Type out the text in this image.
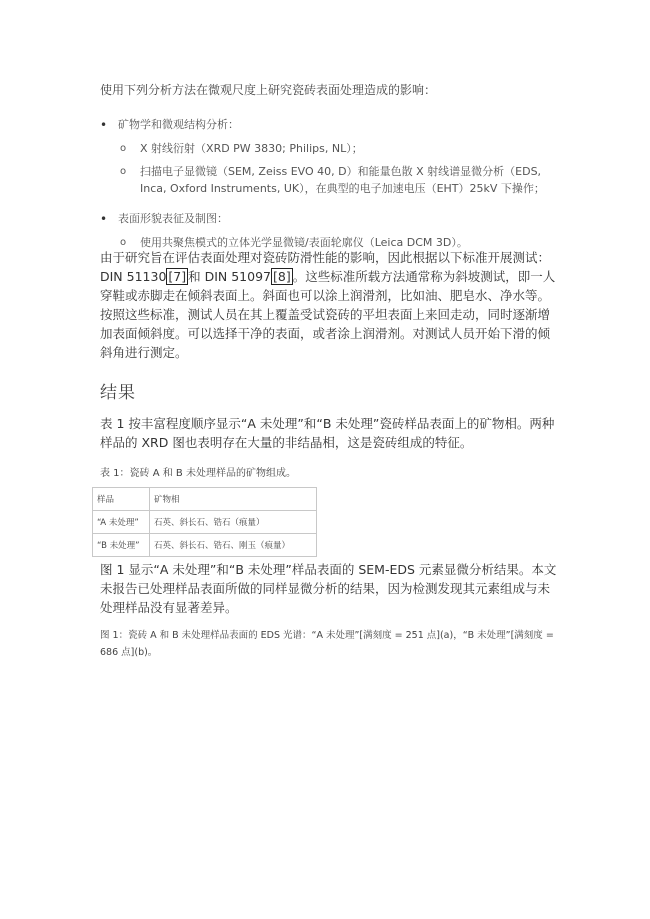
使用下列分析方法在微观尺度上研究瓷砖表面处理造成的影响：
• 矿物学和微观结构分析：
o X 射线衍射（XRD PW 3830; Philips, NL）；
o 扫描电子显微镜（SEM, Zeiss EVO 40, D）和能量色散 X 射线谱显微分析（EDS, Inca, Oxford Instruments, UK），在典型的电子加速电压（EHT）25kV 下操作；
• 表面形貌表征及制图：
o 使用共聚焦模式的立体光学显微镜/表面轮廓仪（Leica DCM 3D）。
由于研究旨在评估表面处理对瓷砖防滑性能的影响，因此根据以下标准开展测试：DIN 51130 [7] 和 DIN 51097 [8] 。这些标准所载方法通常称为斜坡测试，即一人穿鞋或赤脚走在倾斜表面上。斜面也可以涂上润滑剂，比如油、肥皂水、净水等。按照这些标准，测试人员在其上覆盖受试瓷砖的平坦表面上来回走动，同时逐渐增加表面倾斜度。可以选择干净的表面，或者涂上润滑剂。对测试人员开始下滑的倾斜角进行测定。
结果
表 1 按丰富程度顺序显示“A 未处理”和“B 未处理”瓷砖样品表面上的矿物相。两种样品的 XRD 图也表明存在大量的非结晶相，这是瓷砖组成的特征。
表 1：瓷砖 A 和 B 未处理样品的矿物组成。
样品	矿物相
“A 未处理”	石英、斜长石、锆石（痕量）
“B 未处理”	石英、斜长石、锆石、刚玉（痕量）
图 1 显示“A 未处理”和“B 未处理”样品表面的 SEM-EDS 元素显微分析结果。本文未报告已处理样品表面所做的同样显微分析的结果，因为检测发现其元素组成与未处理样品没有显著差异。
图 1：瓷砖 A 和 B 未处理样品表面的 EDS 光谱：“A 未处理”[满刻度 = 251 点](a)，“B 未处理”[满刻度 = 686 点](b)。
